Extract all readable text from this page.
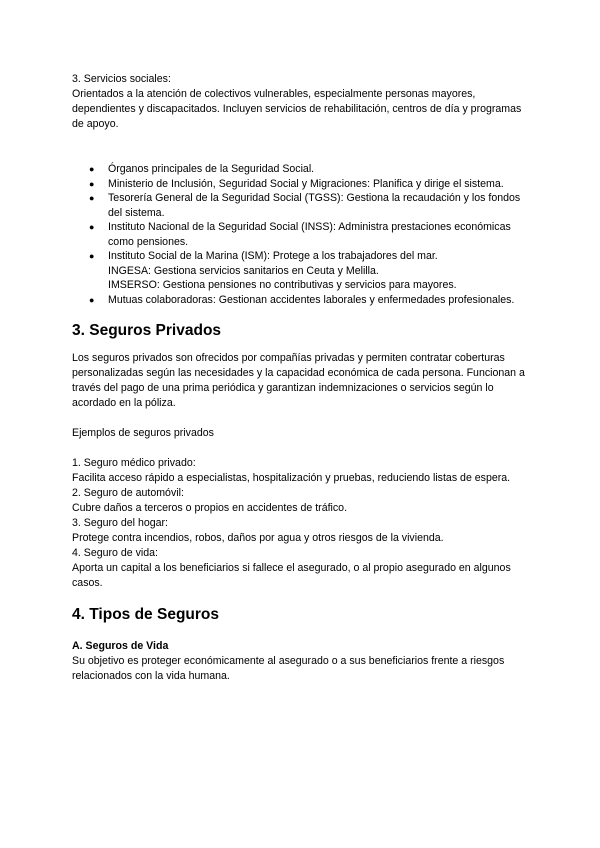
3. Servicios sociales:

Orientados a la atención de colectivos vulnerables, especialmente personas mayores, dependientes y discapacitados. Incluyen servicios de rehabilitación, centros de día y programas de apoyo.

● Órganos principales de la Seguridad Social.
● Ministerio de Inclusión, Seguridad Social y Migraciones: Planifica y dirige el sistema.
● Tesorería General de la Seguridad Social (TGSS): Gestiona la recaudación y los fondos del sistema.
● Instituto Nacional de la Seguridad Social (INSS): Administra prestaciones económicas como pensiones.
● Instituto Social de la Marina (ISM): Protege a los trabajadores del mar.
INGESA: Gestiona servicios sanitarios en Ceuta y Melilla.
IMSERSO: Gestiona pensiones no contributivas y servicios para mayores.
● Mutuas colaboradoras: Gestionan accidentes laborales y enfermedades profesionales.
3. Seguros Privados

Los seguros privados son ofrecidos por compañías privadas y permiten contratar coberturas personalizadas según las necesidades y la capacidad económica de cada persona. Funcionan a través del pago de una prima periódica y garantizan indemnizaciones o servicios según lo acordado en la póliza.

Ejemplos de seguros privados

1. Seguro médico privado:

Facilita acceso rápido a especialistas, hospitalización y pruebas, reduciendo listas de espera.

2. Seguro de automóvil:

Cubre daños a terceros o propios en accidentes de tráfico.

3. Seguro del hogar:

Protege contra incendios, robos, daños por agua y otros riesgos de la vivienda.

4. Seguro de vida:

Aporta un capital a los beneficiarios si fallece el asegurado, o al propio asegurado en algunos casos.

4. Tipos de Seguros

A. Seguros de Vida

Su objetivo es proteger económicamente al asegurado o a sus beneficiarios frente a riesgos relacionados con la vida humana.
